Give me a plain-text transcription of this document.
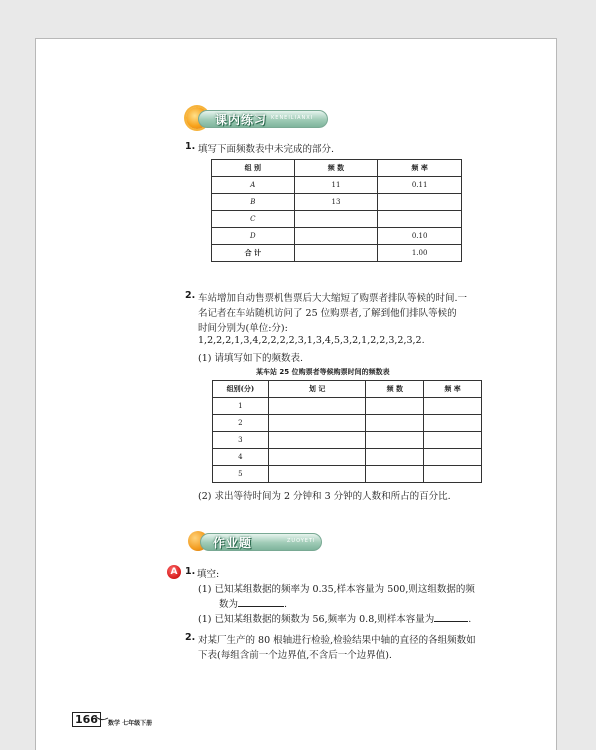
课内练习 KENEILIANXI
1. 填写下面频数表中未完成的部分.
组 别	频 数	频 率
A	11	0.11
B	13	
C		
D		0.10
合 计		1.00
2. 车站增加自动售票机售票后大大缩短了购票者排队等候的时间.一
名记者在车站随机访问了 25 位购票者,了解到他们排队等候的
时间分别为(单位:分):
1,2,2,2,1,3,4,2,2,2,2,3,1,3,4,5,3,2,1,2,2,3,2,3,2.
(1) 请填写如下的频数表.
某车站 25 位购票者等候购票时间的频数表
组别(分)	划 记	频 数	频 率
1			
2			
3			
4			
5			
(2) 求出等待时间为 2 分钟和 3 分钟的人数和所占的百分比.
作业题	ZUOYETI
A 1. 填空:
(1) 已知某组数据的频率为 0.35,样本容量为 500,则这组数据的频
数为	.
(1) 已知某组数据的频数为 56,频率为 0.8,则样本容量为	.
2. 对某厂生产的 80 根轴进行检验,检验结果中轴的直径的各组频数如
下表(每组含前一个边界值,不含后一个边界值).
166	数学 七年级下册
